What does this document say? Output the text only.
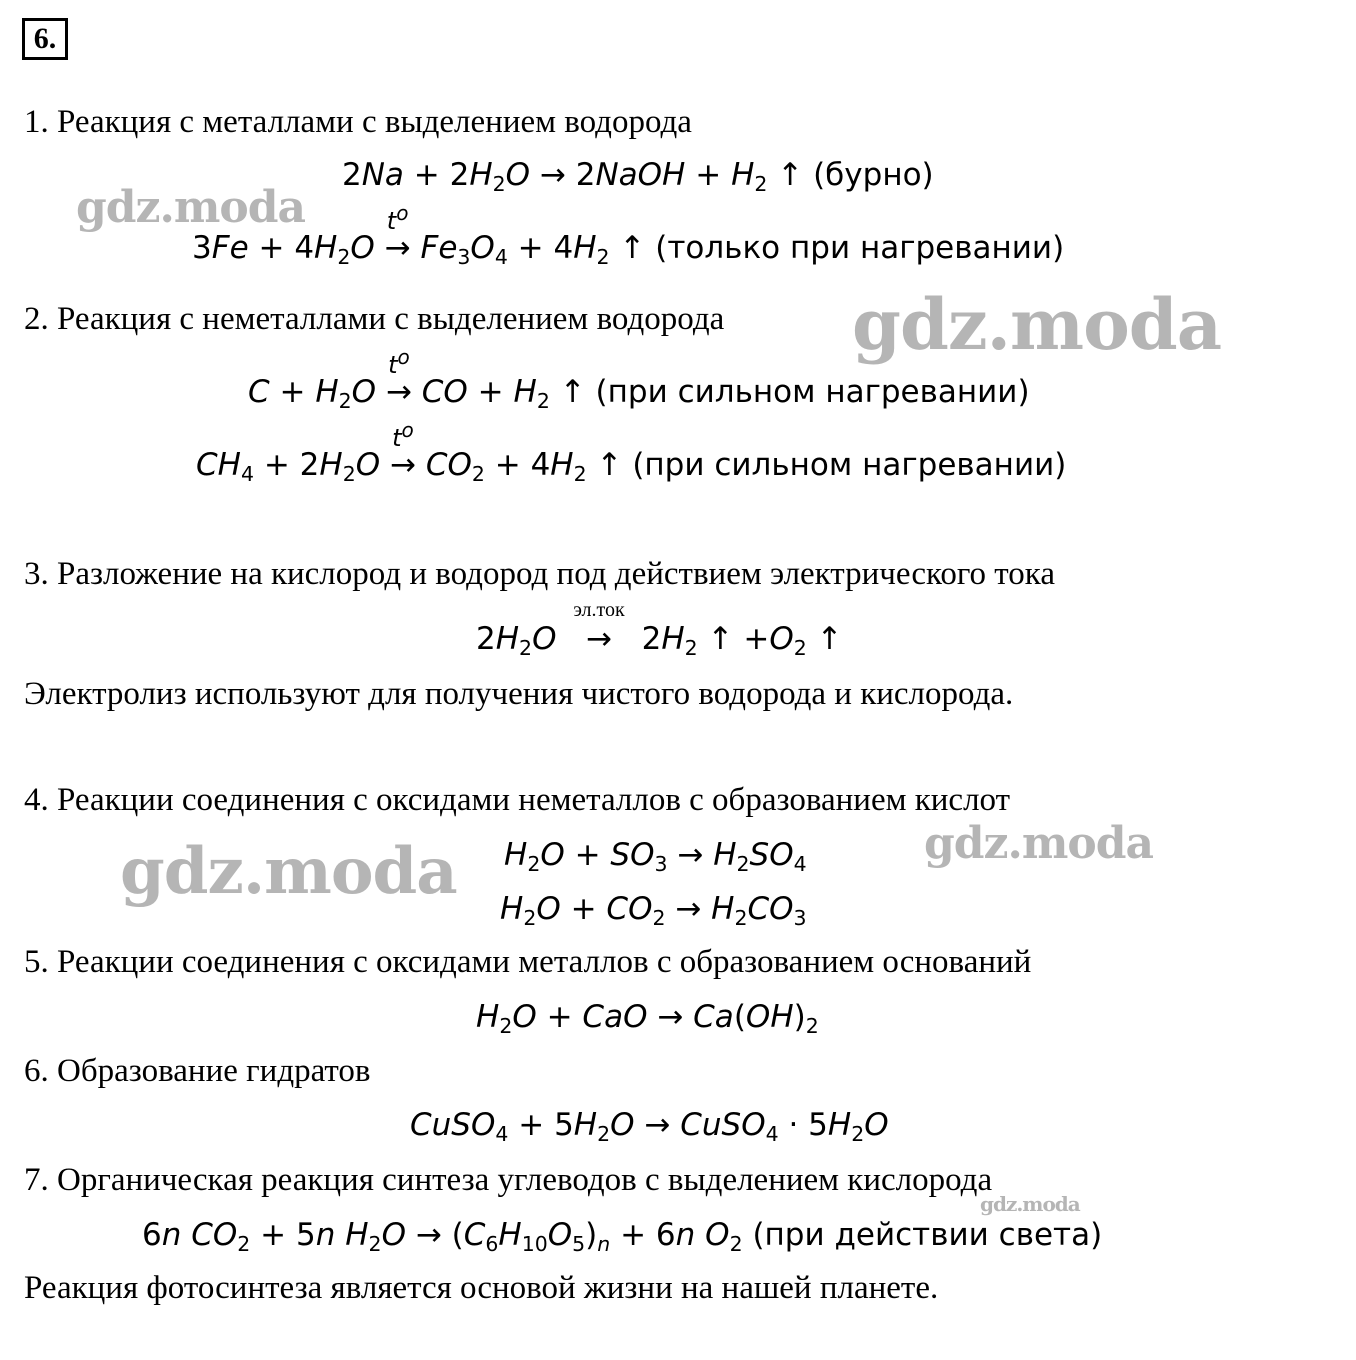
6.
1. Реакция с металлами с выделением водорода
$2Na + 2H_2O$ → 2NaOH + $H_2$ ↑ (бурно)
$3Fe + 4H_2O$ →
$t^o$
$Fe_3O_4 + 4H_2$ ↑ (только при нагревании)
2. Реакция с неметаллами с выделением водорода
$C + H_2O$ →
$t^o$
CO + $H_2$ ↑ (при сильном нагревании)
$CH_4 + 2H_2O$ →
$t^o$
$CO_2 + 4H_2$ ↑ (при сильном нагревании)
3. Разложение на кислород и водород под действием электрического тока
$2H_2O$   →
эл.ток
$2H_2$ ↑ $+O_2$ ↑
Электролиз используют для получения чистого водорода и кислорода.
4. Реакции соединения с оксидами неметаллов с образованием кислот
$H_2O + SO_3 \to H_2SO_4$
$H_2O + CO_2 \to H_2CO_3$
5. Реакции соединения с оксидами металлов с образованием оснований
$H_2O$ + CaO → $Ca(OH)_2$
6. Образование гидратов
CuSO$_4$ + $5H_2O$ → CuSO$_4$ · $5H_2O$
7. Органическая реакция синтеза углеводов с выделением кислорода
6n $CO_2 + 5n$ $H_2O \to (C_6H_{10}O_5)_n + 6n$ $O_2$ (при действии света)
Реакция фотосинтеза является основой жизни на нашей планете.
gdz.moda
gdz.moda
gdz.moda	gdz.moda
gdz.moda
